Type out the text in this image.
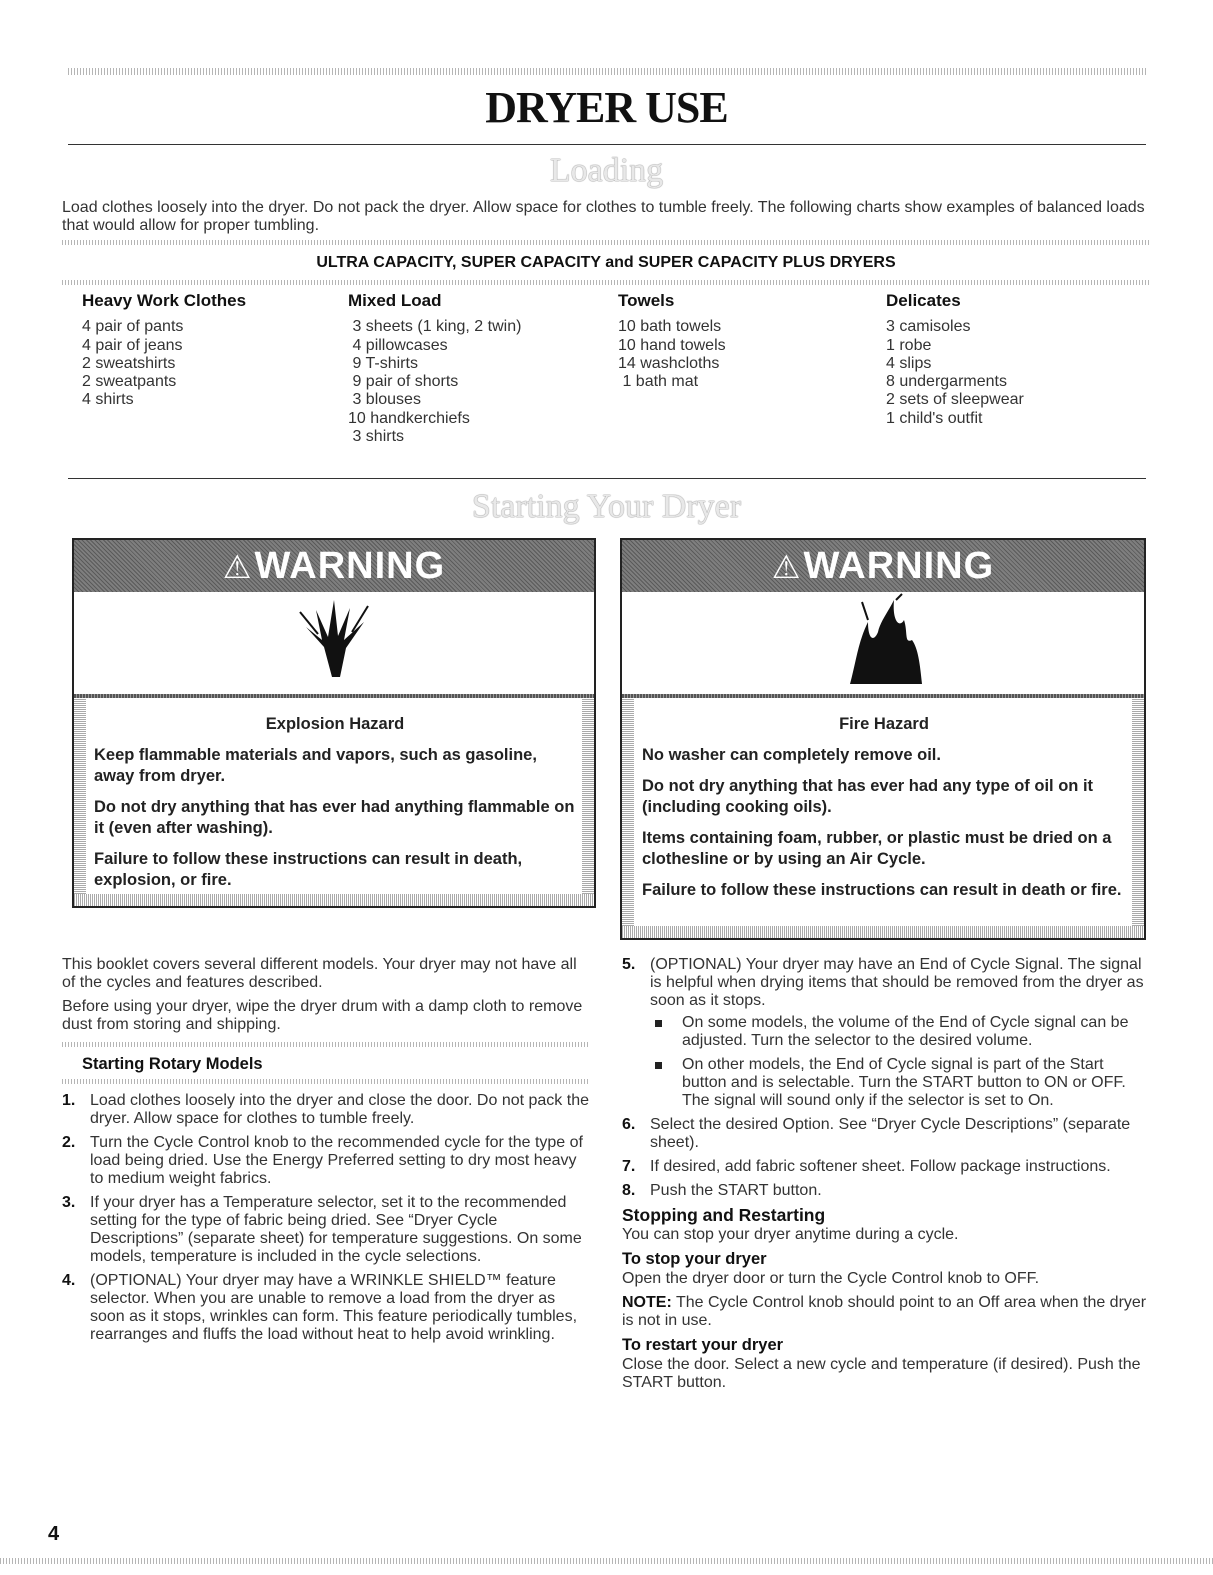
DRYER USE
Loading
Load clothes loosely into the dryer. Do not pack the dryer. Allow space for clothes to tumble freely. The following charts show examples of balanced loads that would allow for proper tumbling.
ULTRA CAPACITY, SUPER CAPACITY and SUPER CAPACITY PLUS DRYERS
Heavy Work Clothes
4 pair of pants
4 pair of jeans
2 sweatshirts
2 sweatpants
4 shirts
Mixed Load
3 sheets (1 king, 2 twin)
4 pillowcases
9 T-shirts
9 pair of shorts
3 blouses
10 handkerchiefs
3 shirts
Towels
10 bath towels
10 hand towels
14 washcloths
1 bath mat
Delicates
3 camisoles
1 robe
4 slips
8 undergarments
2 sets of sleepwear
1 child's outfit
Starting Your Dryer
⚠WARNING
Explosion Hazard
Keep flammable materials and vapors, such as gasoline, away from dryer.
Do not dry anything that has ever had anything flammable on it (even after washing).
Failure to follow these instructions can result in death, explosion, or fire.
⚠WARNING
Fire Hazard
No washer can completely remove oil.
Do not dry anything that has ever had any type of oil on it (including cooking oils).
Items containing foam, rubber, or plastic must be dried on a clothesline or by using an Air Cycle.
Failure to follow these instructions can result in death or fire.

This booklet covers several different models. Your dryer may not have all of the cycles and features described.

Before using your dryer, wipe the dryer drum with a damp cloth to remove dust from storing and shipping.

Starting Rotary Models
1. Load clothes loosely into the dryer and close the door. Do not pack the dryer. Allow space for clothes to tumble freely.
2. Turn the Cycle Control knob to the recommended cycle for the type of load being dried. Use the Energy Preferred setting to dry most heavy to medium weight fabrics.
3. If your dryer has a Temperature selector, set it to the recommended setting for the type of fabric being dried. See “Dryer Cycle Descriptions” (separate sheet) for temperature suggestions. On some models, temperature is included in the cycle selections.
4. (OPTIONAL) Your dryer may have a WRINKLE SHIELD™ feature selector. When you are unable to remove a load from the dryer as soon as it stops, wrinkles can form. This feature periodically tumbles, rearranges and fluffs the load without heat to help avoid wrinkling.
5. (OPTIONAL) Your dryer may have an End of Cycle Signal. The signal is helpful when drying items that should be removed from the dryer as soon as it stops.
On some models, the volume of the End of Cycle signal can be adjusted. Turn the selector to the desired volume.
On other models, the End of Cycle signal is part of the Start button and is selectable. Turn the START button to ON or OFF. The signal will sound only if the selector is set to On.
6. Select the desired Option. See “Dryer Cycle Descriptions” (separate sheet).
7. If desired, add fabric softener sheet. Follow package instructions.
8. Push the START button.
Stopping and Restarting

You can stop your dryer anytime during a cycle.

To stop your dryer

Open the dryer door or turn the Cycle Control knob to OFF.

NOTE: The Cycle Control knob should point to an Off area when the dryer is not in use.

To restart your dryer

Close the door. Select a new cycle and temperature (if desired). Push the START button.

4
